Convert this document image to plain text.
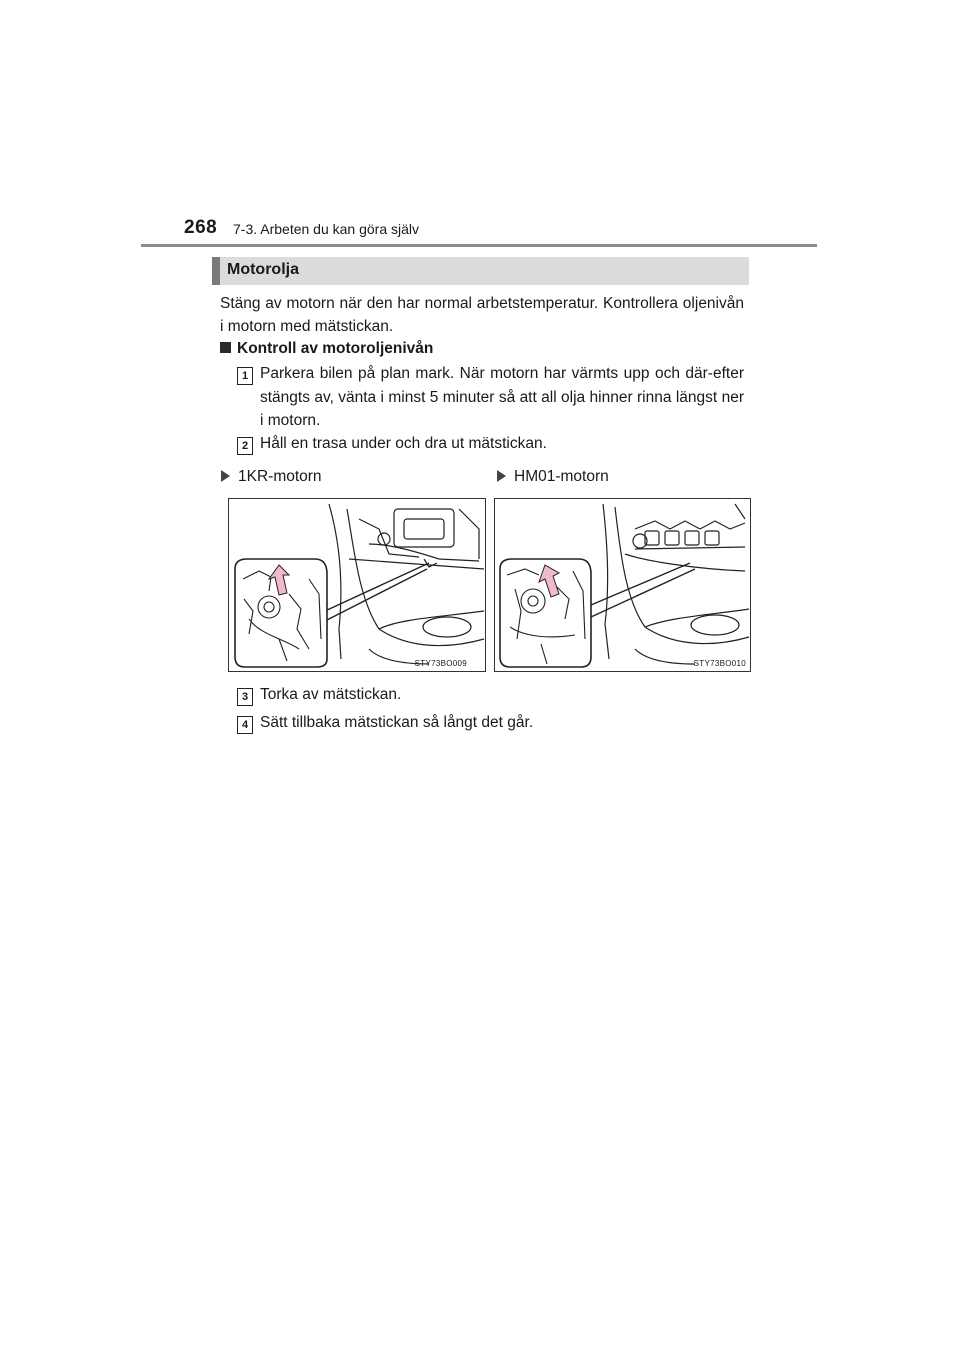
268 7-3. Arbeten du kan göra själv
Motorolja
Stäng av motorn när den har normal arbetstemperatur. Kontrollera oljenivån i motorn med mätstickan.
Kontroll av motoroljenivån
1 Parkera bilen på plan mark. När motorn har värmts upp och där-efter stängts av, vänta i minst 5 minuter så att all olja hinner rinna längst ner i motorn.
2 Håll en trasa under och dra ut mätstickan.
1KR-motorn	HM01-motorn
STY73BO009	STY73BO010
3 Torka av mätstickan.
4 Sätt tillbaka mätstickan så långt det går.
